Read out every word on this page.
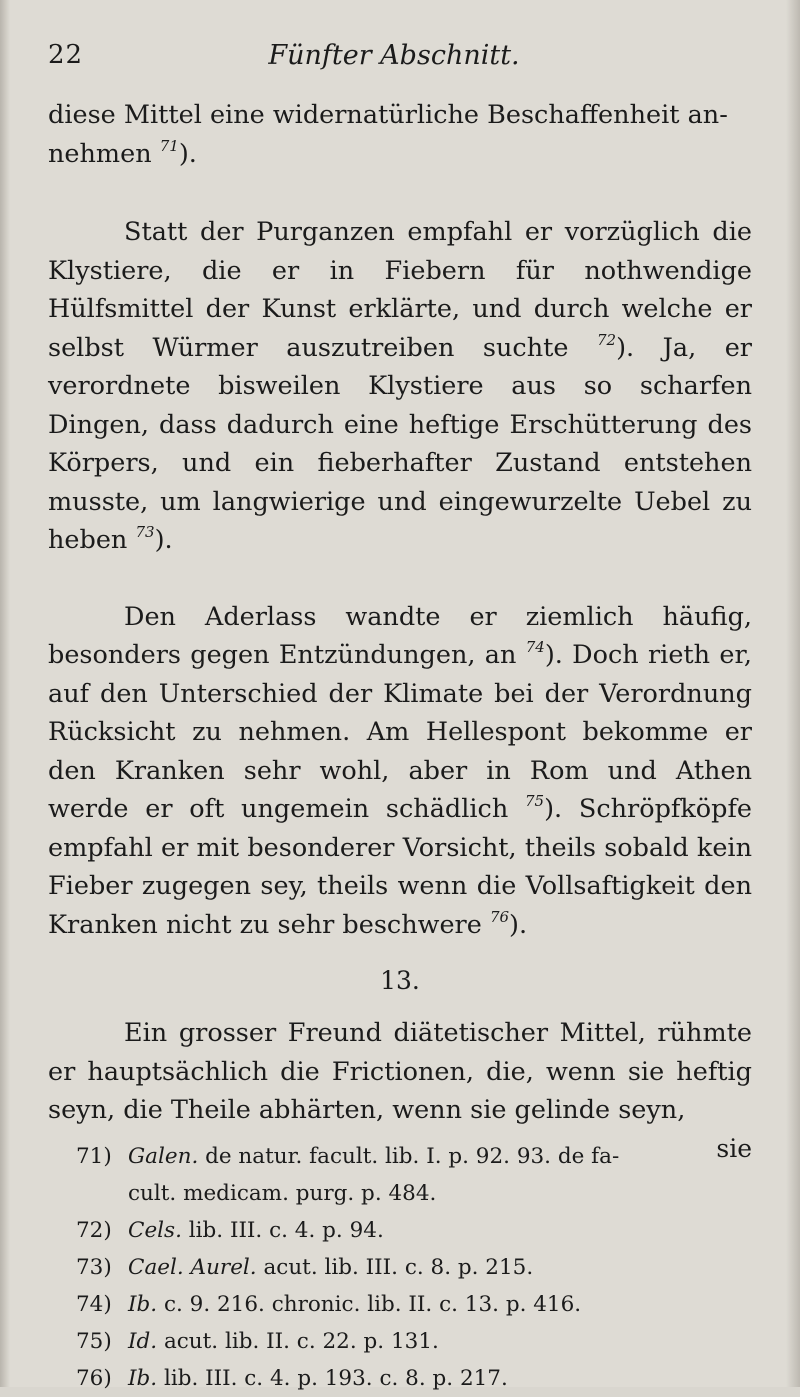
22	Fünfter Abschnitt.

diese Mittel eine widernatürliche Beschaffenheit an-
nehmen $^{71}$).

Statt der Purganzen empfahl er vorzüglich die Klystiere, die er in Fiebern für nothwendige Hülfsmittel der Kunst erklärte, und durch welche er selbst Würmer auszutreiben suchte $^{72}$). Ja, er verordnete bisweilen Klystiere aus so scharfen Dingen, dass dadurch eine heftige Erschütterung des Körpers, und ein fieberhafter Zustand entstehen musste, um langwierige und eingewurzelte Uebel zu heben $^{73}$).

Den Aderlass wandte er ziemlich häufig, besonders gegen Entzündungen, an $^{74}$). Doch rieth er, auf den Unterschied der Klimate bei der Verordnung Rücksicht zu nehmen. Am Hellespont bekomme er den Kranken sehr wohl, aber in Rom und Athen werde er oft ungemein schädlich $^{75}$). Schröpfköpfe empfahl er mit besonderer Vorsicht, theils sobald kein Fieber zugegen sey, theils wenn die Vollsaftigkeit den Kranken nicht zu sehr beschwere $^{76}$).

13.

Ein grosser Freund diätetischer Mittel, rühmte er hauptsächlich die Frictionen, die, wenn sie heftig seyn, die Theile abhärten, wenn sie gelinde seyn,

sie
71) Galen. de natur. facult. lib. I. p. 92. 93. de fa-
cult. medicam. purg. p. 484.
72) Cels. lib. III. c. 4. p. 94.
73) Cael. Aurel. acut. lib. III. c. 8. p. 215.
74) Ib. c. 9. 216. chronic. lib. II. c. 13. p. 416.
75) Id. acut. lib. II. c. 22. p. 131.
76) Ib. lib. III. c. 4. p. 193. c. 8. p. 217.
